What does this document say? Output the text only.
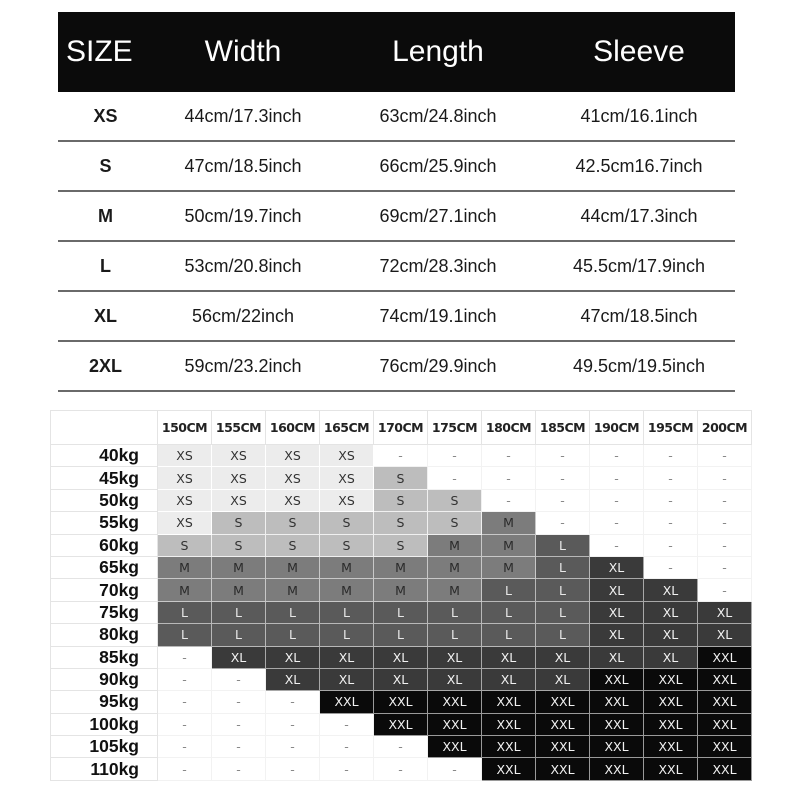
SIZE	Width	Length	Sleeve
XS	44cm/17.3inch	63cm/24.8inch	41cm/16.1inch
S	47cm/18.5inch	66cm/25.9inch	42.5cm16.7inch
M	50cm/19.7inch	69cm/27.1inch	44cm/17.3inch
L	53cm/20.8inch	72cm/28.3inch	45.5cm/17.9inch
XL	56cm/22inch	74cm/19.1inch	47cm/18.5inch
2XL	59cm/23.2inch	76cm/29.9inch	49.5cm/19.5inch
	150CM	155CM	160CM	165CM	170CM	175CM	180CM	185CM	190CM	195CM	200CM
40kg	XS	XS	XS	XS	-	-	-	-	-	-	-
45kg	XS	XS	XS	XS	S	-	-	-	-	-	-
50kg	XS	XS	XS	XS	S	S	-	-	-	-	-
55kg	XS	S	S	S	S	S	M	-	-	-	-
60kg	S	S	S	S	S	M	M	L	-	-	-
65kg	M	M	M	M	M	M	M	L	XL	-	-
70kg	M	M	M	M	M	M	L	L	XL	XL	-
75kg	L	L	L	L	L	L	L	L	XL	XL	XL
80kg	L	L	L	L	L	L	L	L	XL	XL	XL
85kg	-	XL	XL	XL	XL	XL	XL	XL	XL	XL	XXL
90kg	-	-	XL	XL	XL	XL	XL	XL	XXL	XXL	XXL
95kg	-	-	-	XXL	XXL	XXL	XXL	XXL	XXL	XXL	XXL
100kg	-	-	-	-	XXL	XXL	XXL	XXL	XXL	XXL	XXL
105kg	-	-	-	-	-	XXL	XXL	XXL	XXL	XXL	XXL
110kg	-	-	-	-	-	-	XXL	XXL	XXL	XXL	XXL
